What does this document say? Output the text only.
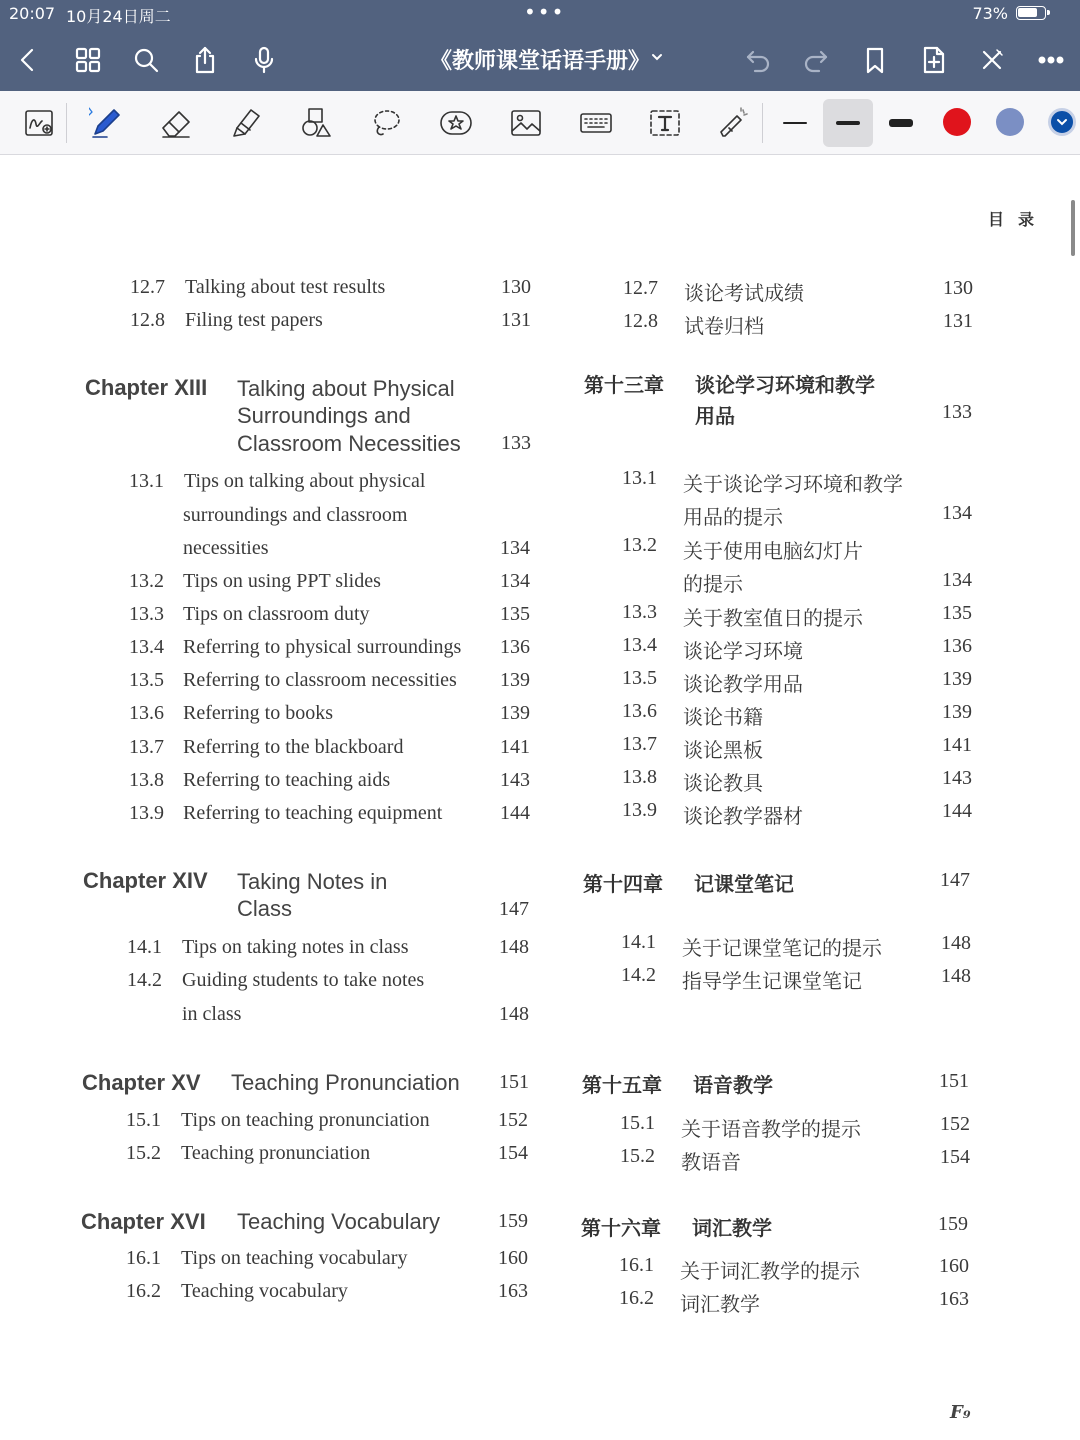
20:07 10月24日周二	•••	73%
《教师课堂话语手册》
目录
12.7 Talking about test results	130
12.8 Filing test papers	131
Chapter XIII Talking about Physical
Surroundings and
Classroom Necessities 133
13.1 Tips on talking about physical
surroundings and classroom
necessities	134
13.2 Tips on using PPT slides	134
13.3 Tips on classroom duty	135
13.4 Referring to physical surroundings 136
13.5 Referring to classroom necessities 139
13.6 Referring to books	139
13.7 Referring to the blackboard	141
13.8 Referring to teaching aids	143
13.9 Referring to teaching equipment	144
Chapter XIV Taking Notes in
Class	147
14.1 Tips on taking notes in class	148
14.2 Guiding students to take notes
in class	148
Chapter XV Teaching Pronunciation 151
15.1 Tips on teaching pronunciation	152
15.2 Teaching pronunciation	154
Chapter XVI Teaching Vocabulary	159
16.1 Tips on teaching vocabulary	160
16.2 Teaching vocabulary	163
12.7 谈论考试成绩	130
12.8 试卷归档	131
第十三章 谈论学习环境和教学
用品	133
13.1 关于谈论学习环境和教学
用品的提示	134
13.2 关于使用电脑幻灯片
的提示	134
13.3 关于教室值日的提示	135
13.4 谈论学习环境	136
13.5 谈论教学用品	139
13.6 谈论书籍	139
13.7 谈论黑板	141
13.8 谈论教具	143
13.9 谈论教学器材	144
第十四章 记课堂笔记	147
14.1 关于记课堂笔记的提示	148
14.2 指导学生记课堂笔记	148
第十五章 语音教学	151
15.1 关于语音教学的提示	152
15.2 教语音	154
第十六章 词汇教学	159
16.1 关于词汇教学的提示	160
16.2 词汇教学	163
F₉
